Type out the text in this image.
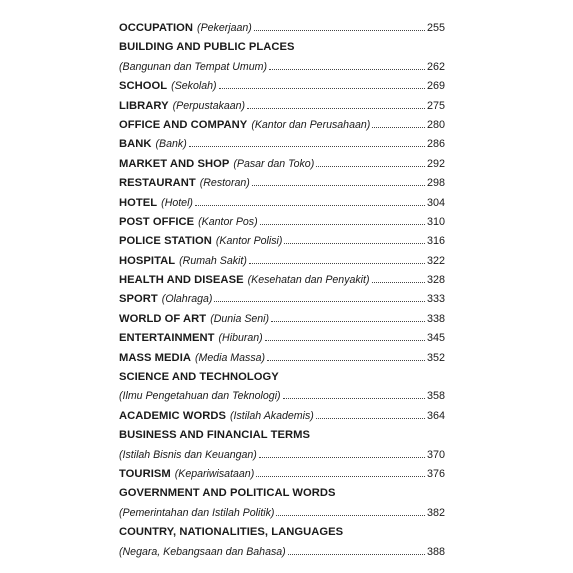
OCCUPATION (Pekerjaan)	255
BUILDING AND PUBLIC PLACES
(Bangunan dan Tempat Umum)	262
SCHOOL (Sekolah)	269
LIBRARY (Perpustakaan)	275
OFFICE AND COMPANY (Kantor dan Perusahaan)	280
BANK (Bank)	286
MARKET AND SHOP (Pasar dan Toko)	292
RESTAURANT (Restoran)	298
HOTEL (Hotel)	304
POST OFFICE (Kantor Pos)	310
POLICE STATION (Kantor Polisi)	316
HOSPITAL (Rumah Sakit)	322
HEALTH AND DISEASE (Kesehatan dan Penyakit)	328
SPORT (Olahraga)	333
WORLD OF ART (Dunia Seni)	338
ENTERTAINMENT (Hiburan)	345
MASS MEDIA (Media Massa)	352
SCIENCE AND TECHNOLOGY
(Ilmu Pengetahuan dan Teknologi)	358
ACADEMIC WORDS (Istilah Akademis)	364
BUSINESS AND FINANCIAL TERMS
(Istilah Bisnis dan Keuangan)	370
TOURISM (Kepariwisataan)	376
GOVERNMENT AND POLITICAL WORDS
(Pemerintahan dan Istilah Politik)	382
COUNTRY, NATIONALITIES, LANGUAGES
(Negara, Kebangsaan dan Bahasa)	388
